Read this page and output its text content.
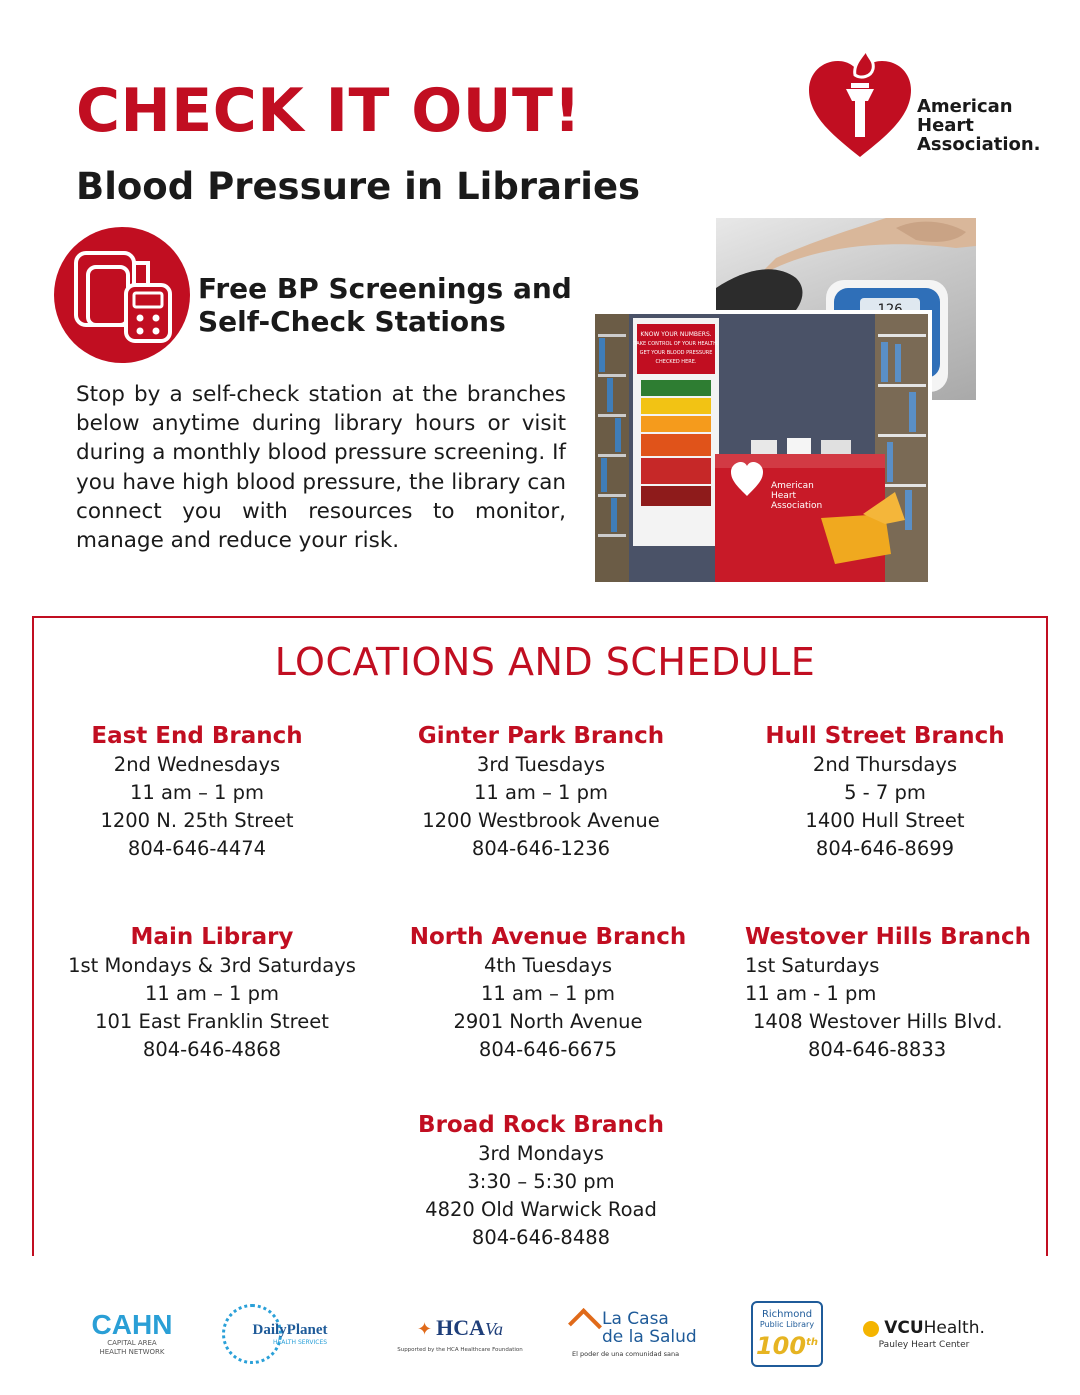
CHECK IT OUT!
Blood Pressure in Libraries
American
Heart
Association.
Free BP Screenings and
Self-Check Stations
Stop by a self-check station at the branches below anytime during library hours or visit during a monthly blood pressure screening. If you have high blood pressure, the library can connect you with resources to monitor, manage and reduce your risk.
KNOW YOUR NUMBERS.
TAKE CONTROL OF YOUR HEALTH.
GET YOUR BLOOD PRESSURE
CHECKED HERE.
American
Heart
Association
LOCATIONS AND SCHEDULE
East End Branch
2nd Wednesdays
11 am – 1 pm
1200 N. 25th Street
804-646-4474
Ginter Park Branch
3rd Tuesdays
11 am – 1 pm
1200 Westbrook Avenue
804-646-1236
Hull Street Branch
2nd Thursdays
5 - 7 pm
1400 Hull Street
804-646-8699
Main Library
1st Mondays & 3rd Saturdays
11 am – 1 pm
101 East Franklin Street
804-646-4868
North Avenue Branch
4th Tuesdays
11 am – 1 pm
2901 North Avenue
804-646-6675
Westover Hills Branch
1st Saturdays
11 am - 1 pm
1408 Westover Hills Blvd.
804-646-8833
Broad Rock Branch
3rd Mondays
3:30 – 5:30 pm
4820 Old Warwick Road
804-646-8488
CAHN
CAPITAL AREA
HEALTH NETWORK
DailyPlanet
HEALTH SERVICES
✦ HCAVa
Supported by the HCA Healthcare Foundation
La Casa
de la Salud
El poder de una comunidad sana
Richmond
Public Library
100th
VCUHealth.
Pauley Heart Center
